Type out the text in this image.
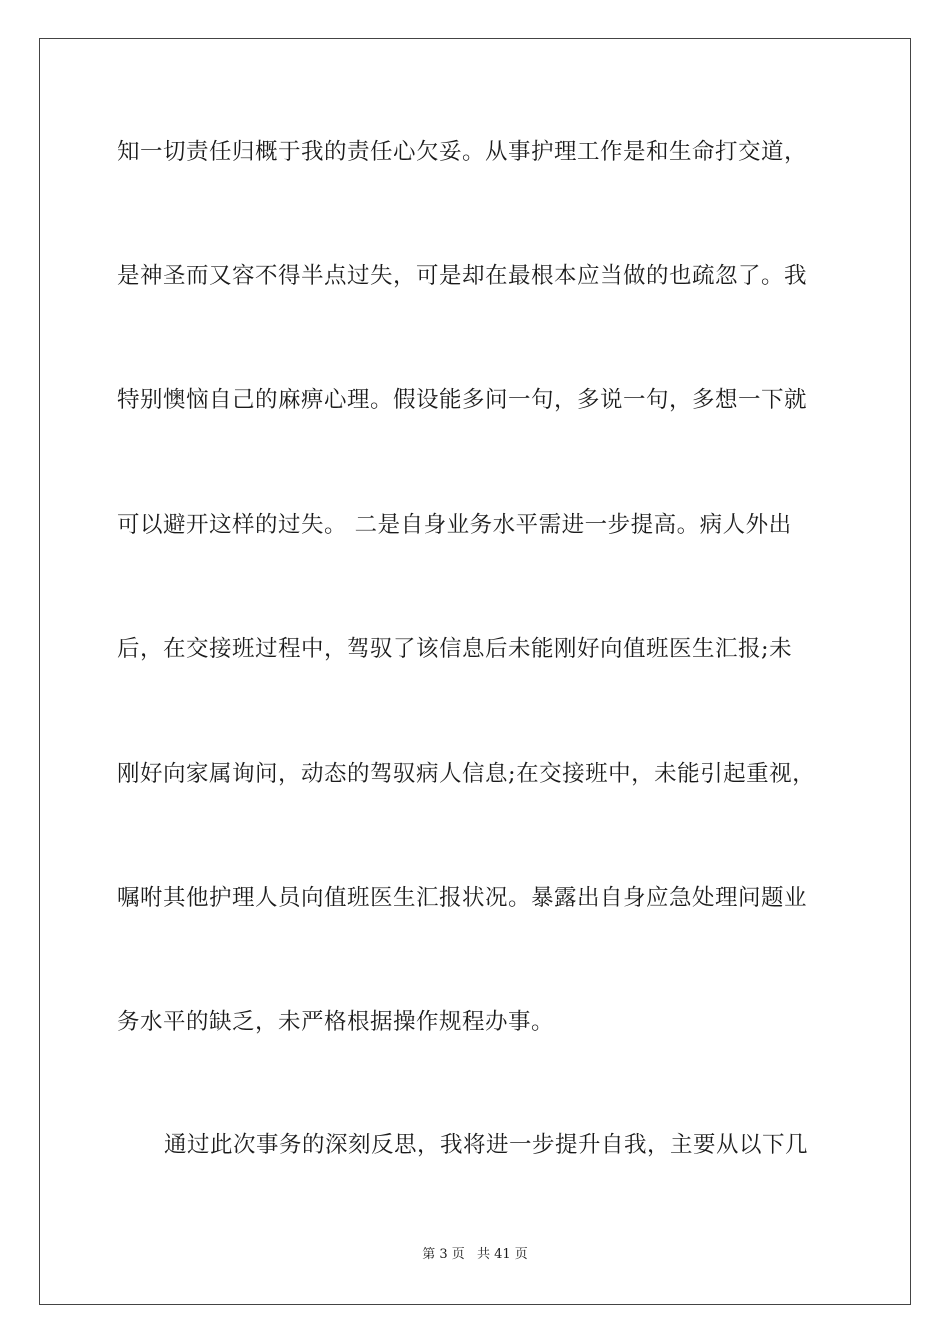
知一切责任归概于我的责任心欠妥。从事护理工作是和生命打交道，
是神圣而又容不得半点过失，可是却在最根本应当做的也疏忽了。我
特别懊恼自己的麻痹心理。假设能多问一句，多说一句，多想一下就
可以避开这样的过失。 二是自身业务水平需进一步提高。病人外出
后，在交接班过程中，驾驭了该信息后未能刚好向值班医生汇报;未
刚好向家属询问，动态的驾驭病人信息;在交接班中，未能引起重视，
嘱咐其他护理人员向值班医生汇报状况。暴露出自身应急处理问题业
务水平的缺乏，未严格根据操作规程办事。
通过此次事务的深刻反思，我将进一步提升自我，主要从以下几
第 3 页 共 41 页
